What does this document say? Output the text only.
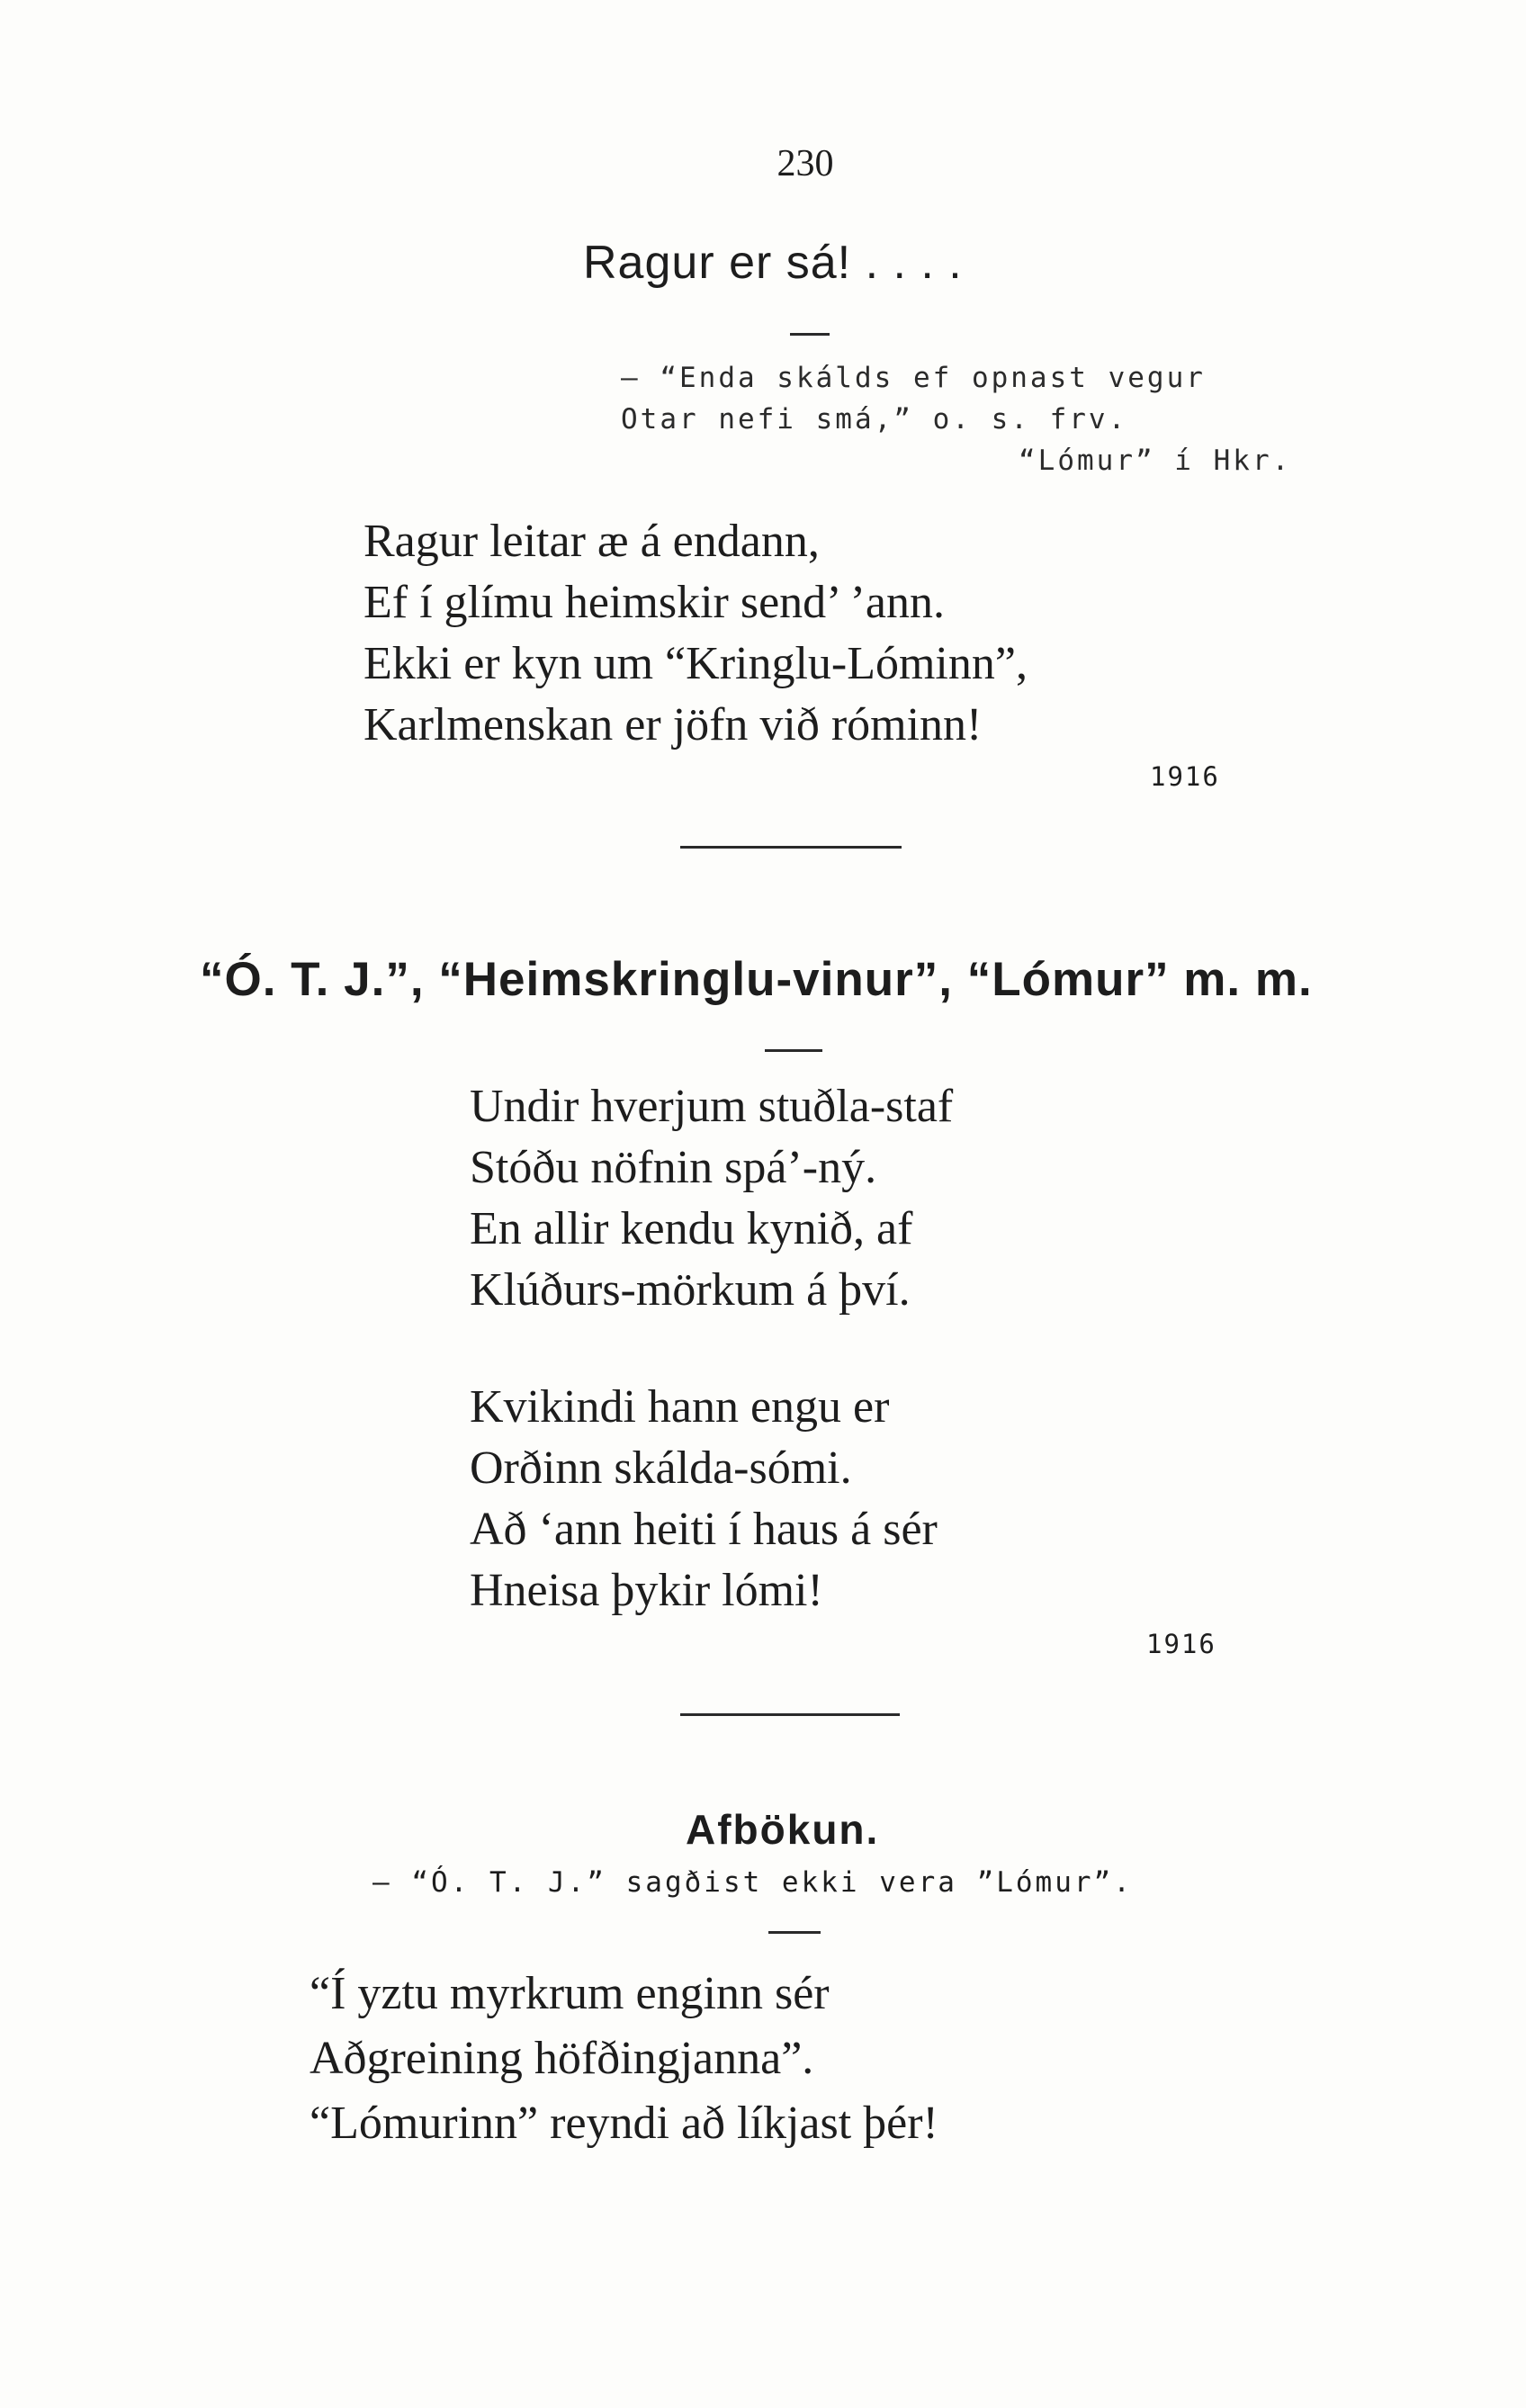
230
Ragur er sá! . . . .
— “Enda skálds ef opnast vegur
Otar nefi smá,” o. s. frv.
“Lómur” í Hkr.
Ragur leitar æ á endann,
Ef í glímu heimskir send’ ’ann.
Ekki er kyn um “Kringlu-Lóminn”,
Karlmenskan er jöfn við róminn!
1916
“Ó. T. J.”, “Heimskringlu-vinur”, “Lómur” m. m.
Undir hverjum stuðla-staf
Stóðu nöfnin spá’-ný.
En allir kendu kynið, af
Klúðurs-mörkum á því.
Kvikindi hann engu er
Orðinn skálda-sómi.
Að ‘ann heiti í haus á sér
Hneisa þykir lómi!
1916
Afbökun.
— “Ó. T. J.” sagðist ekki vera ”Lómur”.
“Í yztu myrkrum enginn sér
Aðgreining höfðingjanna”.
“Lómurinn” reyndi að líkjast þér!
